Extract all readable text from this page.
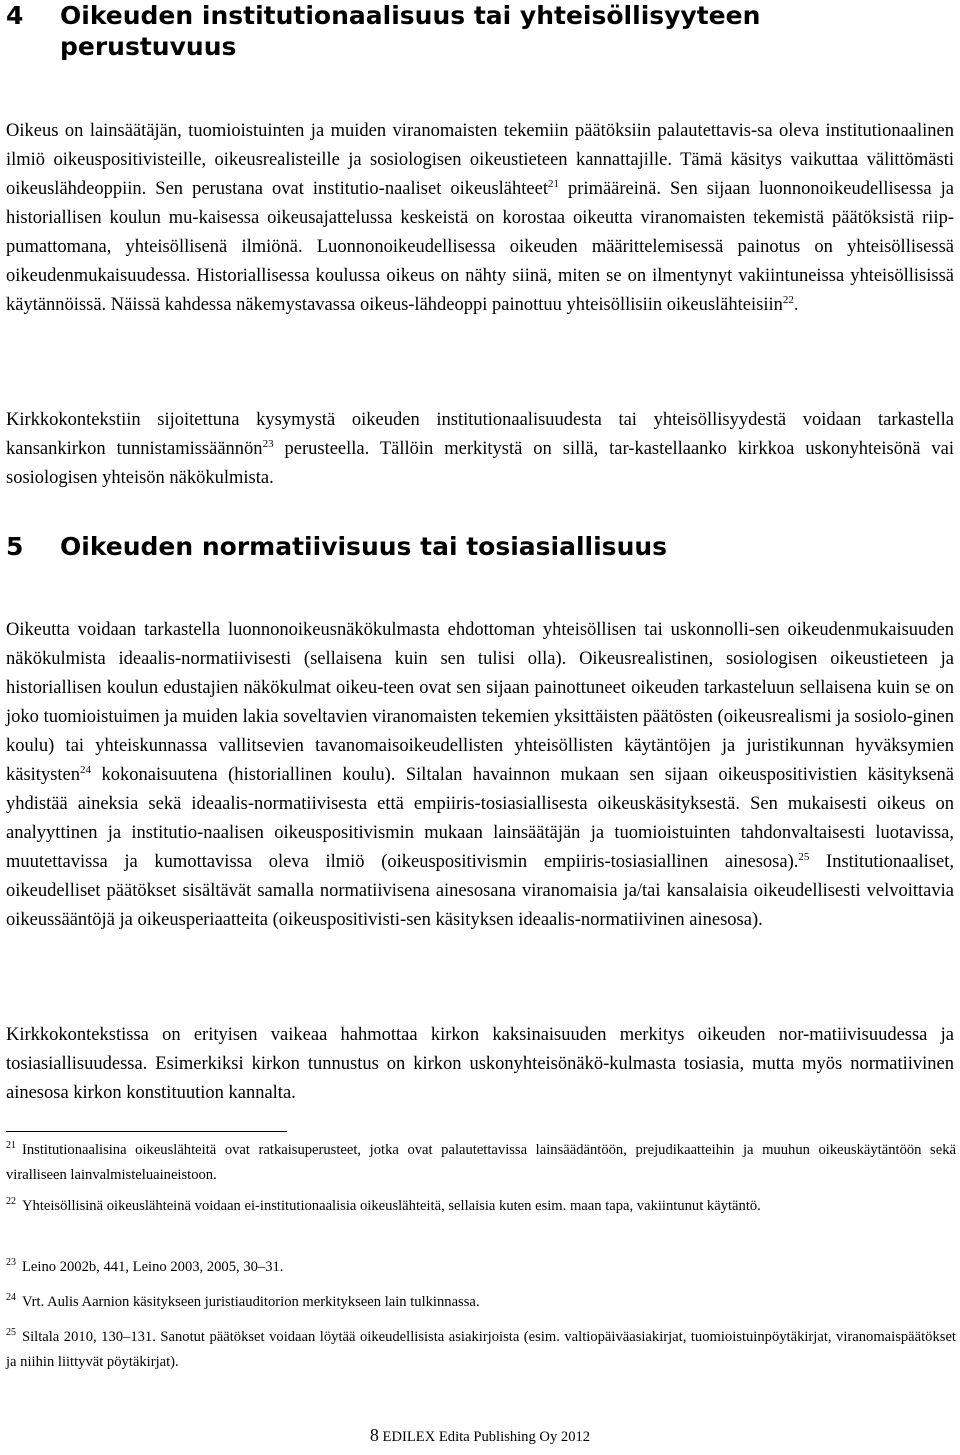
4 Oikeuden institutionaalisuus tai yhteisöllisyyteen
perustuvuus

Oikeus on lainsäätäjän, tuomioistuinten ja muiden viranomaisten tekemiin päätöksiin palautettavis-sa oleva institutionaalinen ilmiö oikeuspositivisteille, oikeusrealisteille ja sosiologisen oikeustieteen kannattajille. Tämä käsitys vaikuttaa välittömästi oikeuslähdeoppiin. Sen perustana ovat institutio-naaliset oikeuslähteet$^{21}$ primääreinä. Sen sijaan luonnonoikeudellisessa ja historiallisen koulun mu-kaisessa oikeusajattelussa keskeistä on korostaa oikeutta viranomaisten tekemistä päätöksistä riip-pumattomana, yhteisöllisenä ilmiönä. Luonnonoikeudellisessa oikeuden määrittelemisessä painotus on yhteisöllisessä oikeudenmukaisuudessa. Historiallisessa koulussa oikeus on nähty siinä, miten se on ilmentynyt vakiintuneissa yhteisöllisissä käytännöissä. Näissä kahdessa näkemystavassa oikeus-lähdeoppi painottuu yhteisöllisiin oikeuslähteisiin$^{22}$.

Kirkkokontekstiin sijoitettuna kysymystä oikeuden institutionaalisuudesta tai yhteisöllisyydestä voidaan tarkastella kansankirkon tunnistamissäännön$^{23}$ perusteella. Tällöin merkitystä on sillä, tar-kastellaanko kirkkoa uskonyhteisönä vai sosiologisen yhteisön näkökulmista.

5 Oikeuden normatiivisuus tai tosiasiallisuus

Oikeutta voidaan tarkastella luonnonoikeusnäkökulmasta ehdottoman yhteisöllisen tai uskonnolli-sen oikeudenmukaisuuden näkökulmista ideaalis-normatiivisesti (sellaisena kuin sen tulisi olla). Oikeusrealistinen, sosiologisen oikeustieteen ja historiallisen koulun edustajien näkökulmat oikeu-teen ovat sen sijaan painottuneet oikeuden tarkasteluun sellaisena kuin se on joko tuomioistuimen ja muiden lakia soveltavien viranomaisten tekemien yksittäisten päätösten (oikeusrealismi ja sosiolo-ginen koulu) tai yhteiskunnassa vallitsevien tavanomaisoikeudellisten yhteisöllisten käytäntöjen ja juristikunnan hyväksymien käsitysten$^{24}$ kokonaisuutena (historiallinen koulu). Siltalan havainnon mukaan sen sijaan oikeuspositivistien käsityksenä yhdistää aineksia sekä ideaalis-normatiivisesta että empiiris-tosiasiallisesta oikeuskäsityksestä. Sen mukaisesti oikeus on analyyttinen ja institutio-naalisen oikeuspositivismin mukaan lainsäätäjän ja tuomioistuinten tahdonvaltaisesti luotavissa, muutettavissa ja kumottavissa oleva ilmiö (oikeuspositivismin empiiris-tosiasiallinen ainesosa).$^{25}$ Institutionaaliset, oikeudelliset päätökset sisältävät samalla normatiivisena ainesosana viranomaisia ja/tai kansalaisia oikeudellisesti velvoittavia oikeussääntöjä ja oikeusperiaatteita (oikeuspositivisti-sen käsityksen ideaalis-normatiivinen ainesosa).

Kirkkokontekstissa on erityisen vaikeaa hahmottaa kirkon kaksinaisuuden merkitys oikeuden nor-matiivisuudessa ja tosiasiallisuudessa. Esimerkiksi kirkon tunnustus on kirkon uskonyhteisönäkö-kulmasta tosiasia, mutta myös normatiivinen ainesosa kirkon konstituution kannalta.

$^{21}$ Institutionaalisina oikeuslähteitä ovat ratkaisuperusteet, jotka ovat palautettavissa lainsäädäntöön, prejudikaatteihin ja muuhun oikeuskäytäntöön sekä viralliseen lainvalmisteluaineistoon.

$^{22}$ Yhteisöllisinä oikeuslähteinä voidaan ei-institutionaalisia oikeuslähteitä, sellaisia kuten esim. maan tapa, vakiintunut käytäntö.

$^{23}$ Leino 2002b, 441, Leino 2003, 2005, 30–31.

$^{24}$ Vrt. Aulis Aarnion käsitykseen juristiauditorion merkitykseen lain tulkinnassa.

$^{25}$ Siltala 2010, 130–131. Sanotut päätökset voidaan löytää oikeudellisista asiakirjoista (esim. valtiopäiväasiakirjat, tuomioistuinpöytäkirjat, viranomaispäätökset ja niihin liittyvät pöytäkirjat).

8 EDILEX Edita Publishing Oy 2012
